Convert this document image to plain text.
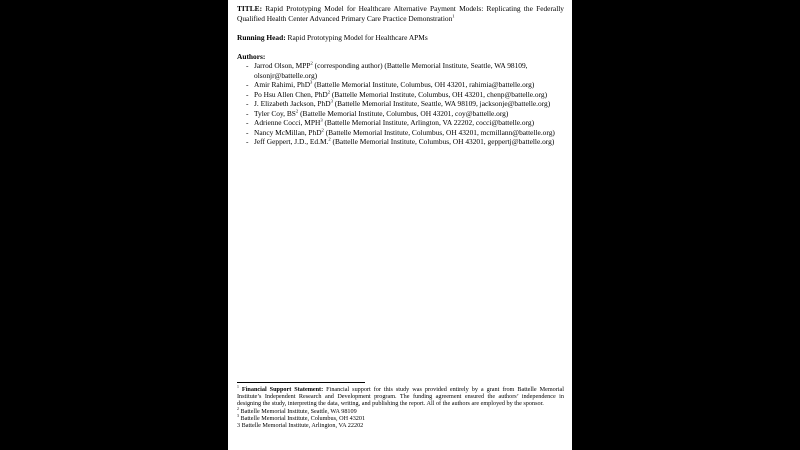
TITLE: Rapid Prototyping Model for Healthcare Alternative Payment Models: Replicating the Federally Qualified Health Center Advanced Primary Care Practice Demonstration$^1$

Running Head: Rapid Prototyping Model for Healthcare APMs

Authors:

- Jarrod Olson, MPP$^2$ (corresponding author) (Battelle Memorial Institute, Seattle, WA 98109, olsonjr@battelle.org)
- Amir Rahimi, PhD$^3$ (Battelle Memorial Institute, Columbus, OH 43201, rahimia@battelle.org)
- Po Hsu Allen Chen, PhD$^2$ (Battelle Memorial Institute, Columbus, OH 43201, chenp@battelle.org)
- J. Elizabeth Jackson, PhD$^3$ (Battelle Memorial Institute, Seattle, WA 98109, jacksonje@battelle.org)
- Tyler Coy, $BS^2$ (Battelle Memorial Institute, Columbus, OH 43201, coy@battelle.org)
- Adrienne Cocci, MPH$^3$ (Battelle Memorial Institute, Arlington, VA 22202, cocci@battelle.org)
- Nancy McMillan, PhD$^2$ (Battelle Memorial Institute, Columbus, OH 43201, mcmillann@battelle.org)
- Jeff Geppert, J.D., Ed.M.$^2$ (Battelle Memorial Institute, Columbus, OH 43201, geppertj@battelle.org)

$^1$ Financial Support Statement: Financial support for this study was provided entirely by a grant from Battelle Memorial Institute’s Independent Research and Development program. The funding agreement ensured the authors’ independence in designing the study, interpreting the data, writing, and publishing the report. All of the authors are employed by the sponsor.

$^2$ Battelle Memorial Institute, Seattle, WA 98109

$^3$ Battelle Memorial Institute, Columbus, OH 43201

3 Battelle Memorial Institute, Arlington, VA 22202
